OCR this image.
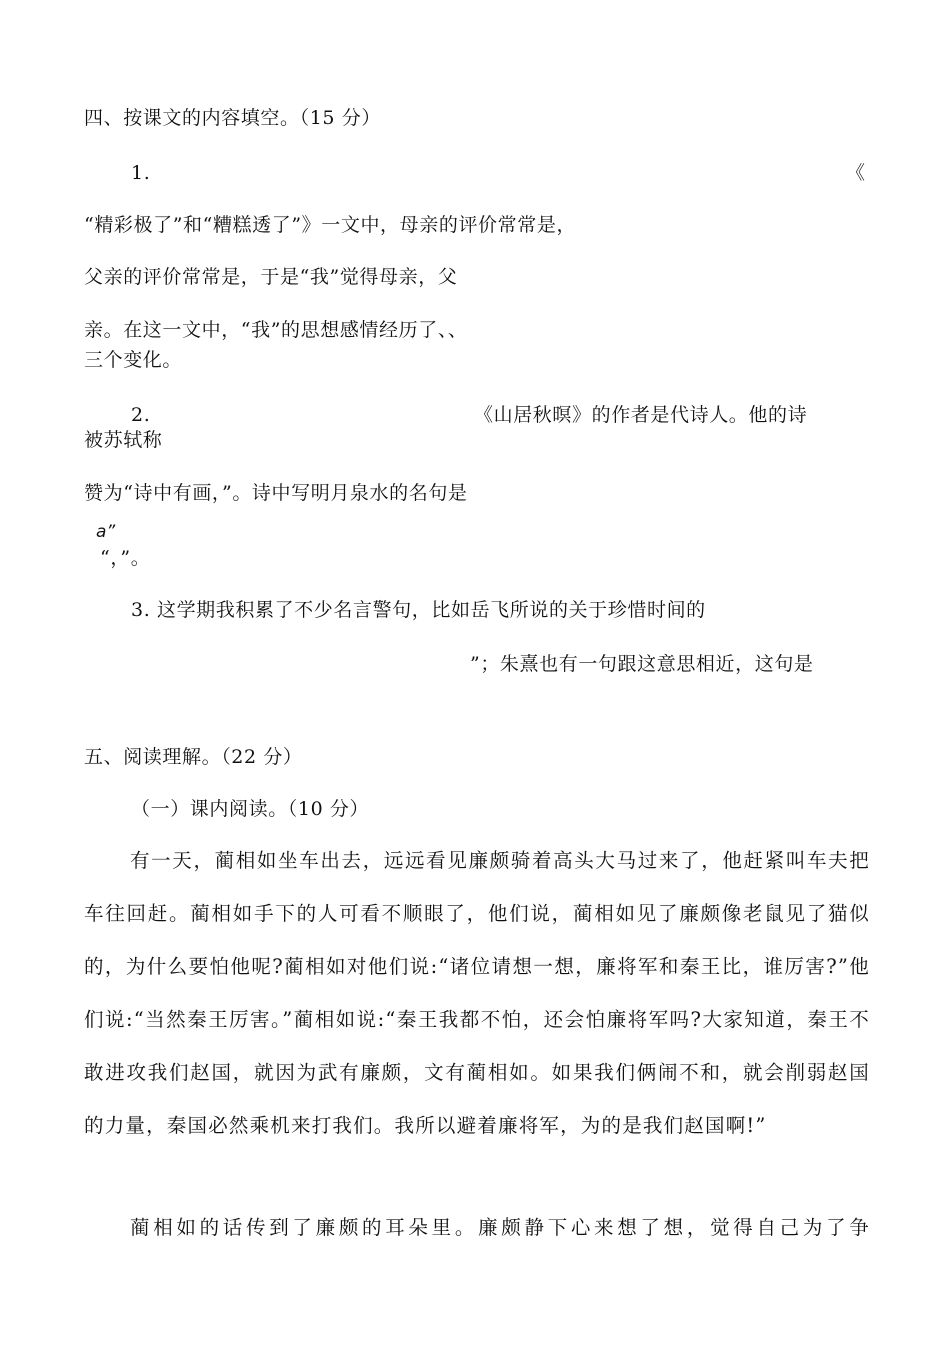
四、按课文的内容填空。（15 分）
1.	《
“精彩极了”和“糟糕透了”》一文中，母亲的评价常常是，
父亲的评价常常是，于是“我”觉得母亲，父
亲。在这一文中，“我”的思想感情经历了、、
三个变化。
2.	《山居秋暝》的作者是代诗人。他的诗
被苏轼称
赞为“诗中有画，”。诗中写明月泉水的名句是
a”
“，”。
3. 这学期我积累了不少名言警句，比如岳飞所说的关于珍惜时间的
”；朱熹也有一句跟这意思相近，这句是
五、阅读理解。（22 分）
（一）课内阅读。（10 分）
有一天，蔺相如坐车出去，远远看见廉颇骑着高头大马过来了，他赶紧叫车夫把车往回赶。蔺相如手下的人可看不顺眼了，他们说，蔺相如见了廉颇像老鼠见了猫似的，为什么要怕他呢?蔺相如对他们说:“诸位请想一想，廉将军和秦王比，谁厉害?”他们说:“当然秦王厉害。”蔺相如说:“秦王我都不怕，还会怕廉将军吗?大家知道，秦王不敢进攻我们赵国，就因为武有廉颇，文有蔺相如。如果我们俩闹不和，就会削弱赵国的力量，秦国必然乘机来打我们。我所以避着廉将军，为的是我们赵国啊!”
蔺相如的话传到了廉颇的耳朵里。廉颇静下心来想了想，觉得自己为了争
